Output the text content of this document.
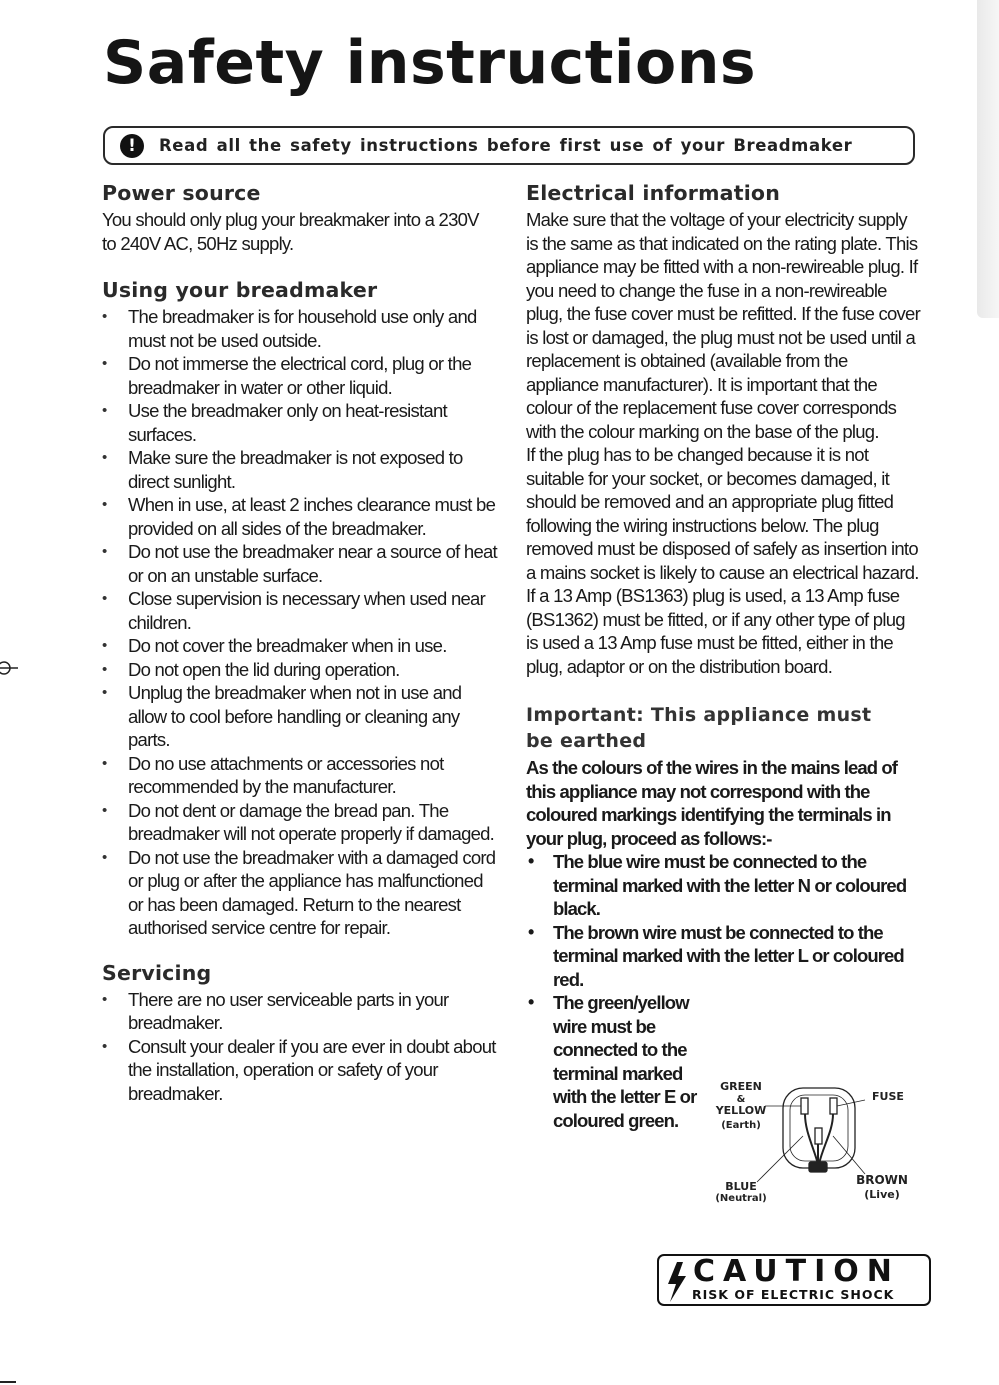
Safety instructions
!	Read all the safety instructions before first use of your Breadmaker
Power source

You should only plug your breakmaker into a 230V to 240V AC, 50Hz supply.

Using your breadmaker
• The breadmaker is for household use only and must not be used outside.
• Do not immerse the electrical cord, plug or the breadmaker in water or other liquid.
• Use the breadmaker only on heat-resistant surfaces.
• Make sure the breadmaker is not exposed to direct sunlight.
• When in use, at least 2 inches clearance must be provided on all sides of the breadmaker.
• Do not use the breadmaker near a source of heat or on an unstable surface.
• Close supervision is necessary when used near children.
• Do not cover the breadmaker when in use.
• Do not open the lid during operation.
• Unplug the breadmaker when not in use and allow to cool before handling or cleaning any parts.
• Do no use attachments or accessories not recommended by the manufacturer.
• Do not dent or damage the bread pan. The breadmaker will not operate properly if damaged.
• Do not use the breadmaker with a damaged cord or plug or after the appliance has malfunctioned or has been damaged. Return to the nearest authorised service centre for repair.
Servicing
• There are no user serviceable parts in your breadmaker.
• Consult your dealer if you are ever in doubt about the installation, operation or safety of your breadmaker.
Electrical information

Make sure that the voltage of your electricity supply is the same as that indicated on the rating plate. This appliance may be fitted with a non-rewireable plug. If you need to change the fuse in a non-rewireable plug, the fuse cover must be refitted. If the fuse cover is lost or damaged, the plug must not be used until a replacement is obtained (available from the appliance manufacturer). It is important that the colour of the replacement fuse cover corresponds with the colour marking on the base of the plug.

If the plug has to be changed because it is not suitable for your socket, or becomes damaged, it should be removed and an appropriate plug fitted following the wiring instructions below. The plug removed must be disposed of safely as insertion into a mains socket is likely to cause an electrical hazard.

If a 13 Amp (BS1363) plug is used, a 13 Amp fuse (BS1362) must be fitted, or if any other type of plug is used a 13 Amp fuse must be fitted, either in the plug, adaptor or on the distribution board.

Important: This appliance must be earthed

As the colours of the wires in the mains lead of this appliance may not correspond with the coloured markings identifying the terminals in your plug, proceed as follows:-

• The blue wire must be connected to the terminal marked with the letter N or coloured black.
• The brown wire must be connected to the terminal marked with the letter L or coloured red.
• The green/yellow wire must be connected to the terminal marked with the letter E or coloured green.
GREEN
&
YELLOW
(Earth)
FUSE
BLUE
(Neutral)
BROWN
(Live)
CAUTION
RISK OF ELECTRIC SHOCK
